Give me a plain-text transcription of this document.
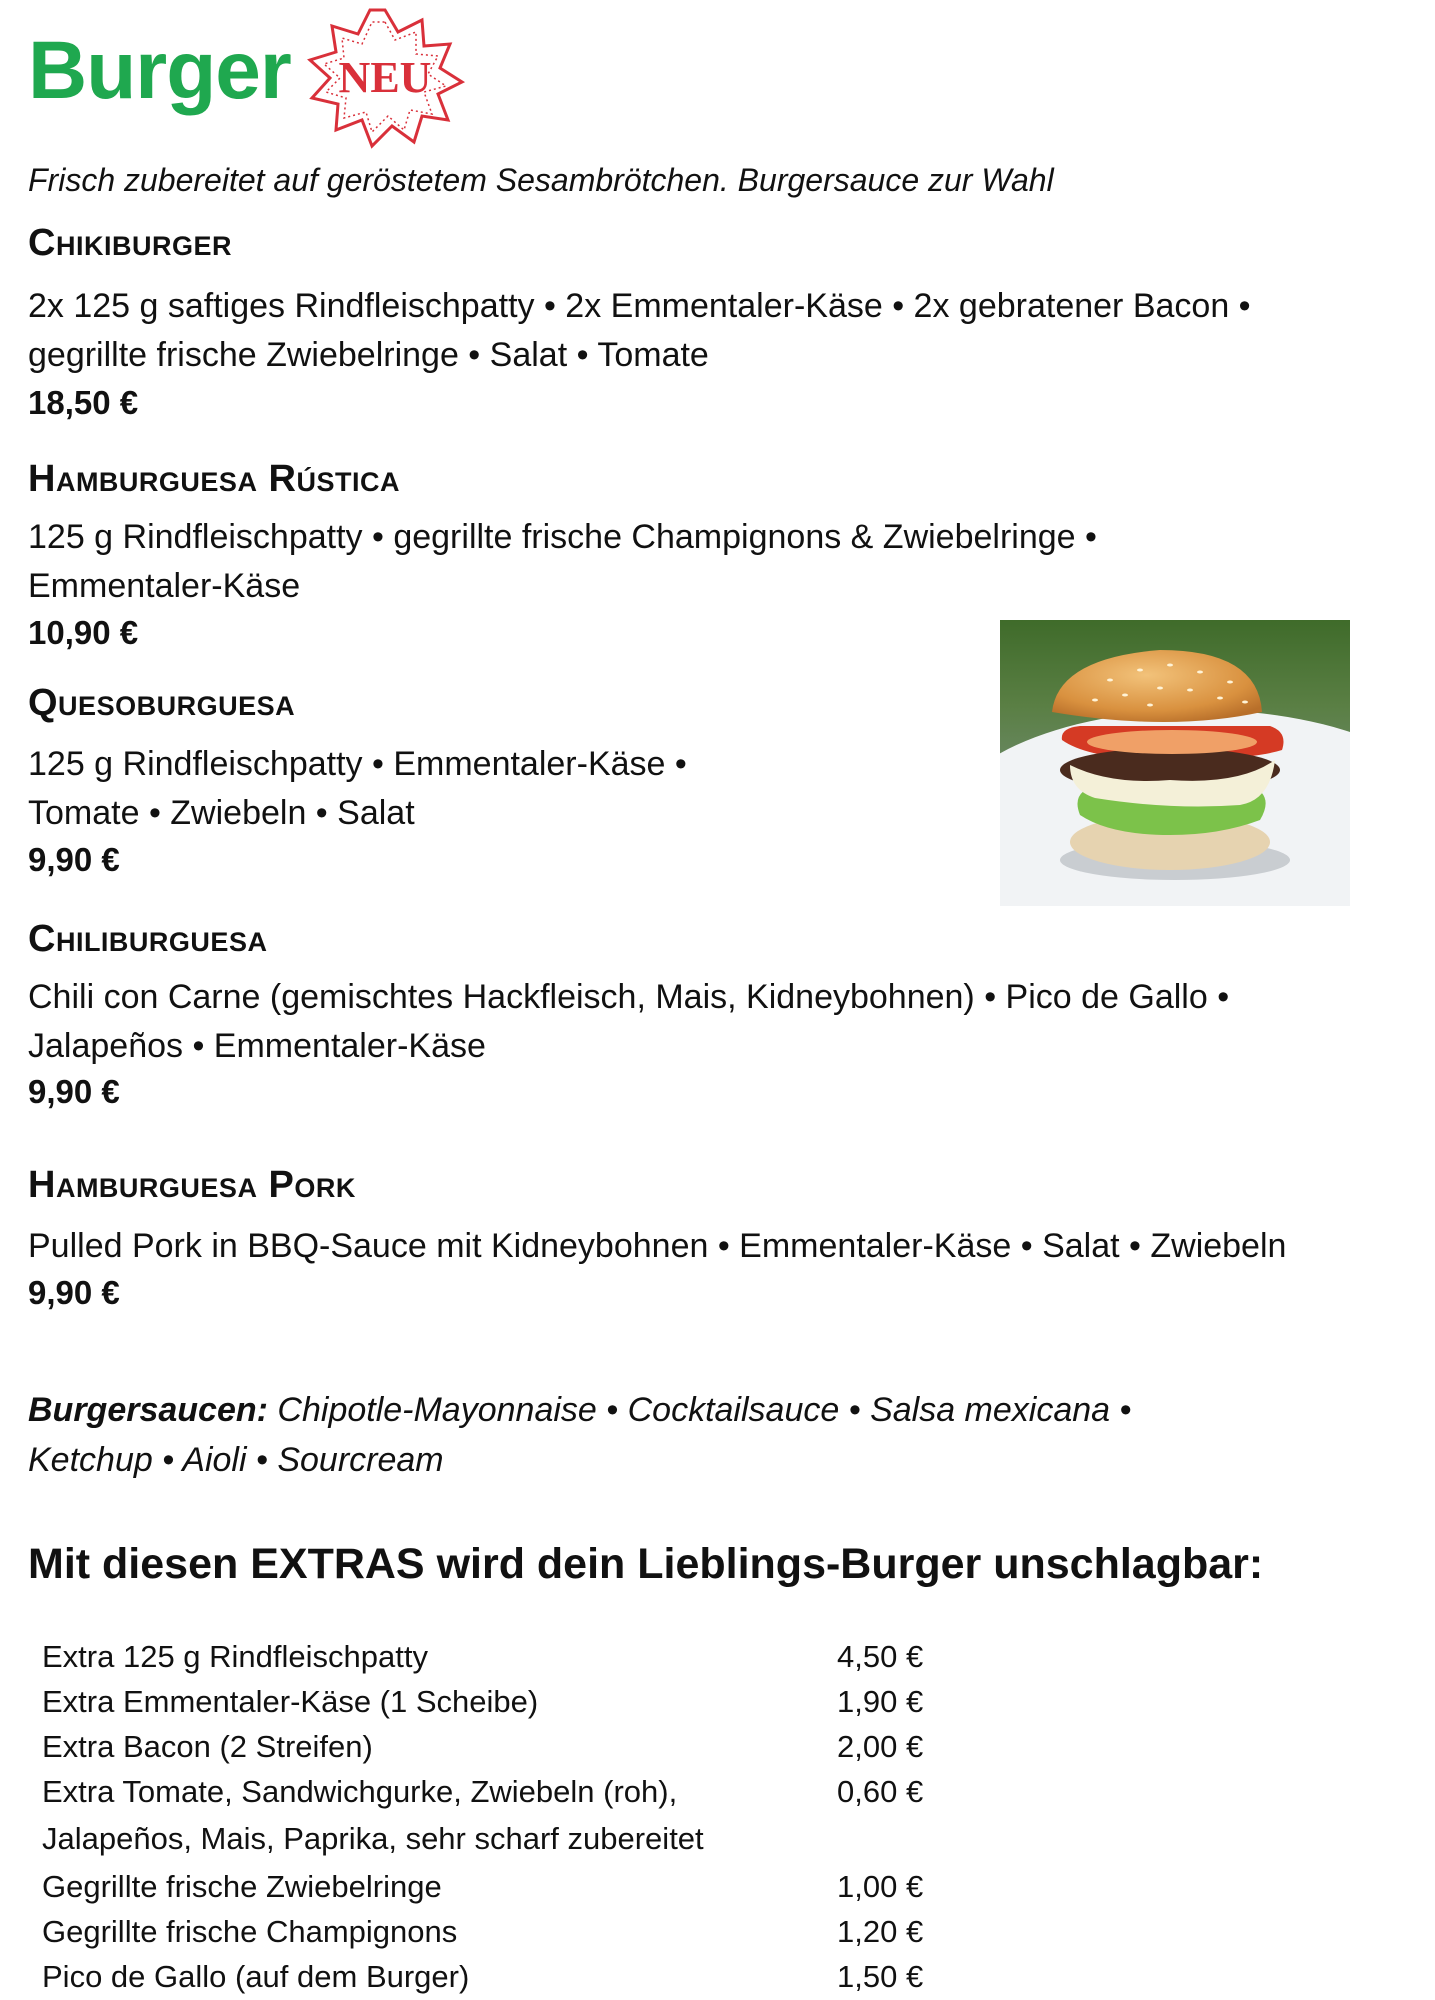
Burger	NEU
Frisch zubereitet auf geröstetem Sesambrötchen. Burgersauce zur Wahl
Chikiburger
2x 125 g saftiges Rindfleischpatty • 2x Emmentaler-Käse • 2x gebratener Bacon •
gegrillte frische Zwiebelringe • Salat • Tomate
18,50 €
Hamburguesa Rústica
125 g Rindfleischpatty • gegrillte frische Champignons & Zwiebelringe •
Emmentaler-Käse
10,90 €
Quesoburguesa
125 g Rindfleischpatty • Emmentaler-Käse •
Tomate • Zwiebeln • Salat
9,90 €
Chiliburguesa
Chili con Carne (gemischtes Hackfleisch, Mais, Kidneybohnen) • Pico de Gallo •
Jalapeños • Emmentaler-Käse
9,90 €
Hamburguesa Pork
Pulled Pork in BBQ-Sauce mit Kidneybohnen • Emmentaler-Käse • Salat • Zwiebeln
9,90 €
Burgersaucen: Chipotle-Mayonnaise • Cocktailsauce • Salsa mexicana •
Ketchup • Aioli • Sourcream
Mit diesen EXTRAS wird dein Lieblings-Burger unschlagbar:
Extra 125 g Rindfleischpatty	4,50 €
Extra Emmentaler-Käse (1 Scheibe)	1,90 €
Extra Bacon (2 Streifen)	2,00 €
Extra Tomate, Sandwichgurke, Zwiebeln (roh),	0,60 €
Jalapeños, Mais, Paprika, sehr scharf zubereitet
Gegrillte frische Zwiebelringe	1,00 €
Gegrillte frische Champignons	1,20 €
Pico de Gallo (auf dem Burger)	1,50 €
